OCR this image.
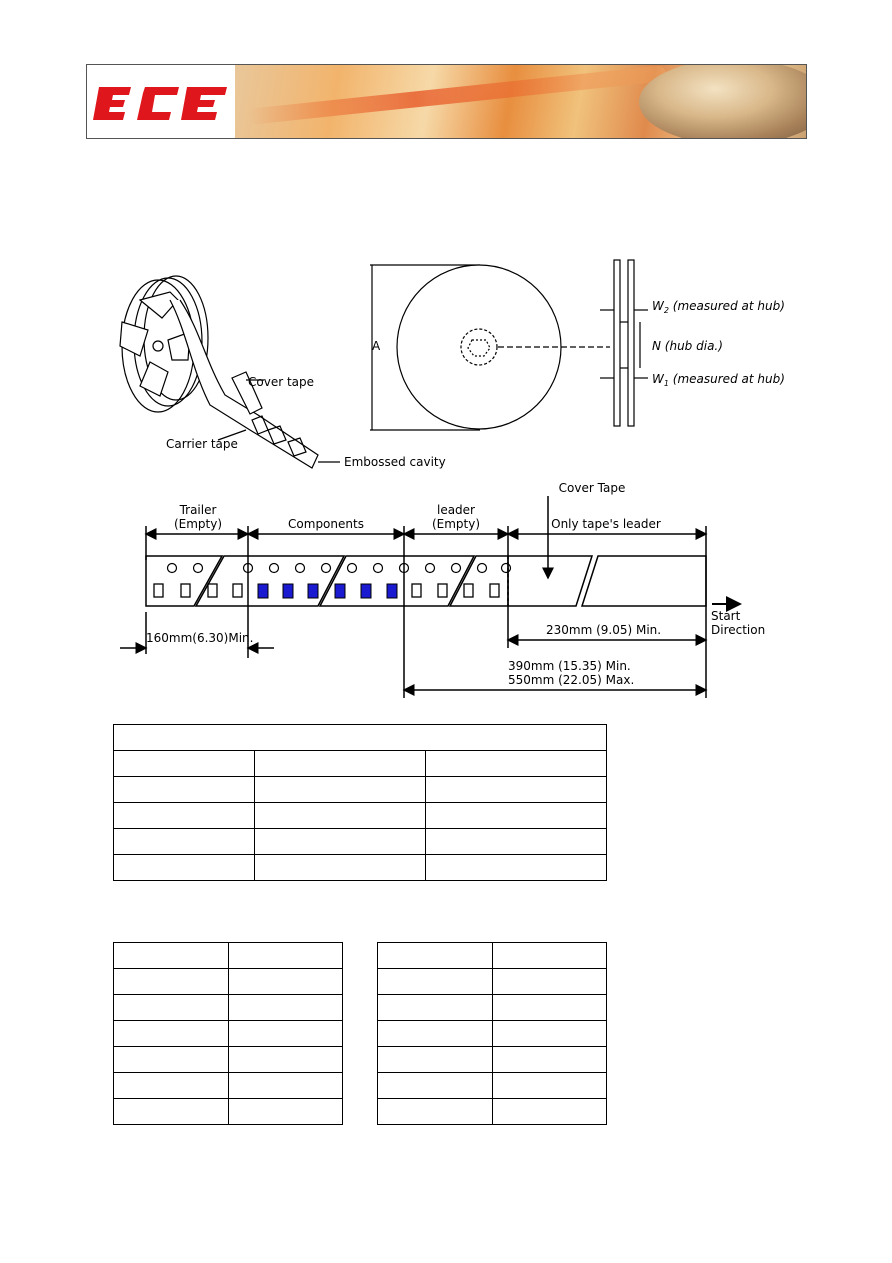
Cover tape
Carrier tape
Embossed cavity
A
$W_2$ (measured at hub)
N (hub dia.)
$W_1$ (measured at hub)
Cover Tape
Trailer
(Empty)	Components
leader
(Empty)	Only tape's leader
160mm(6.30)Min.
230mm (9.05) Min.
390mm (15.35) Min.
550mm (22.05) Max.
Start
Direction
